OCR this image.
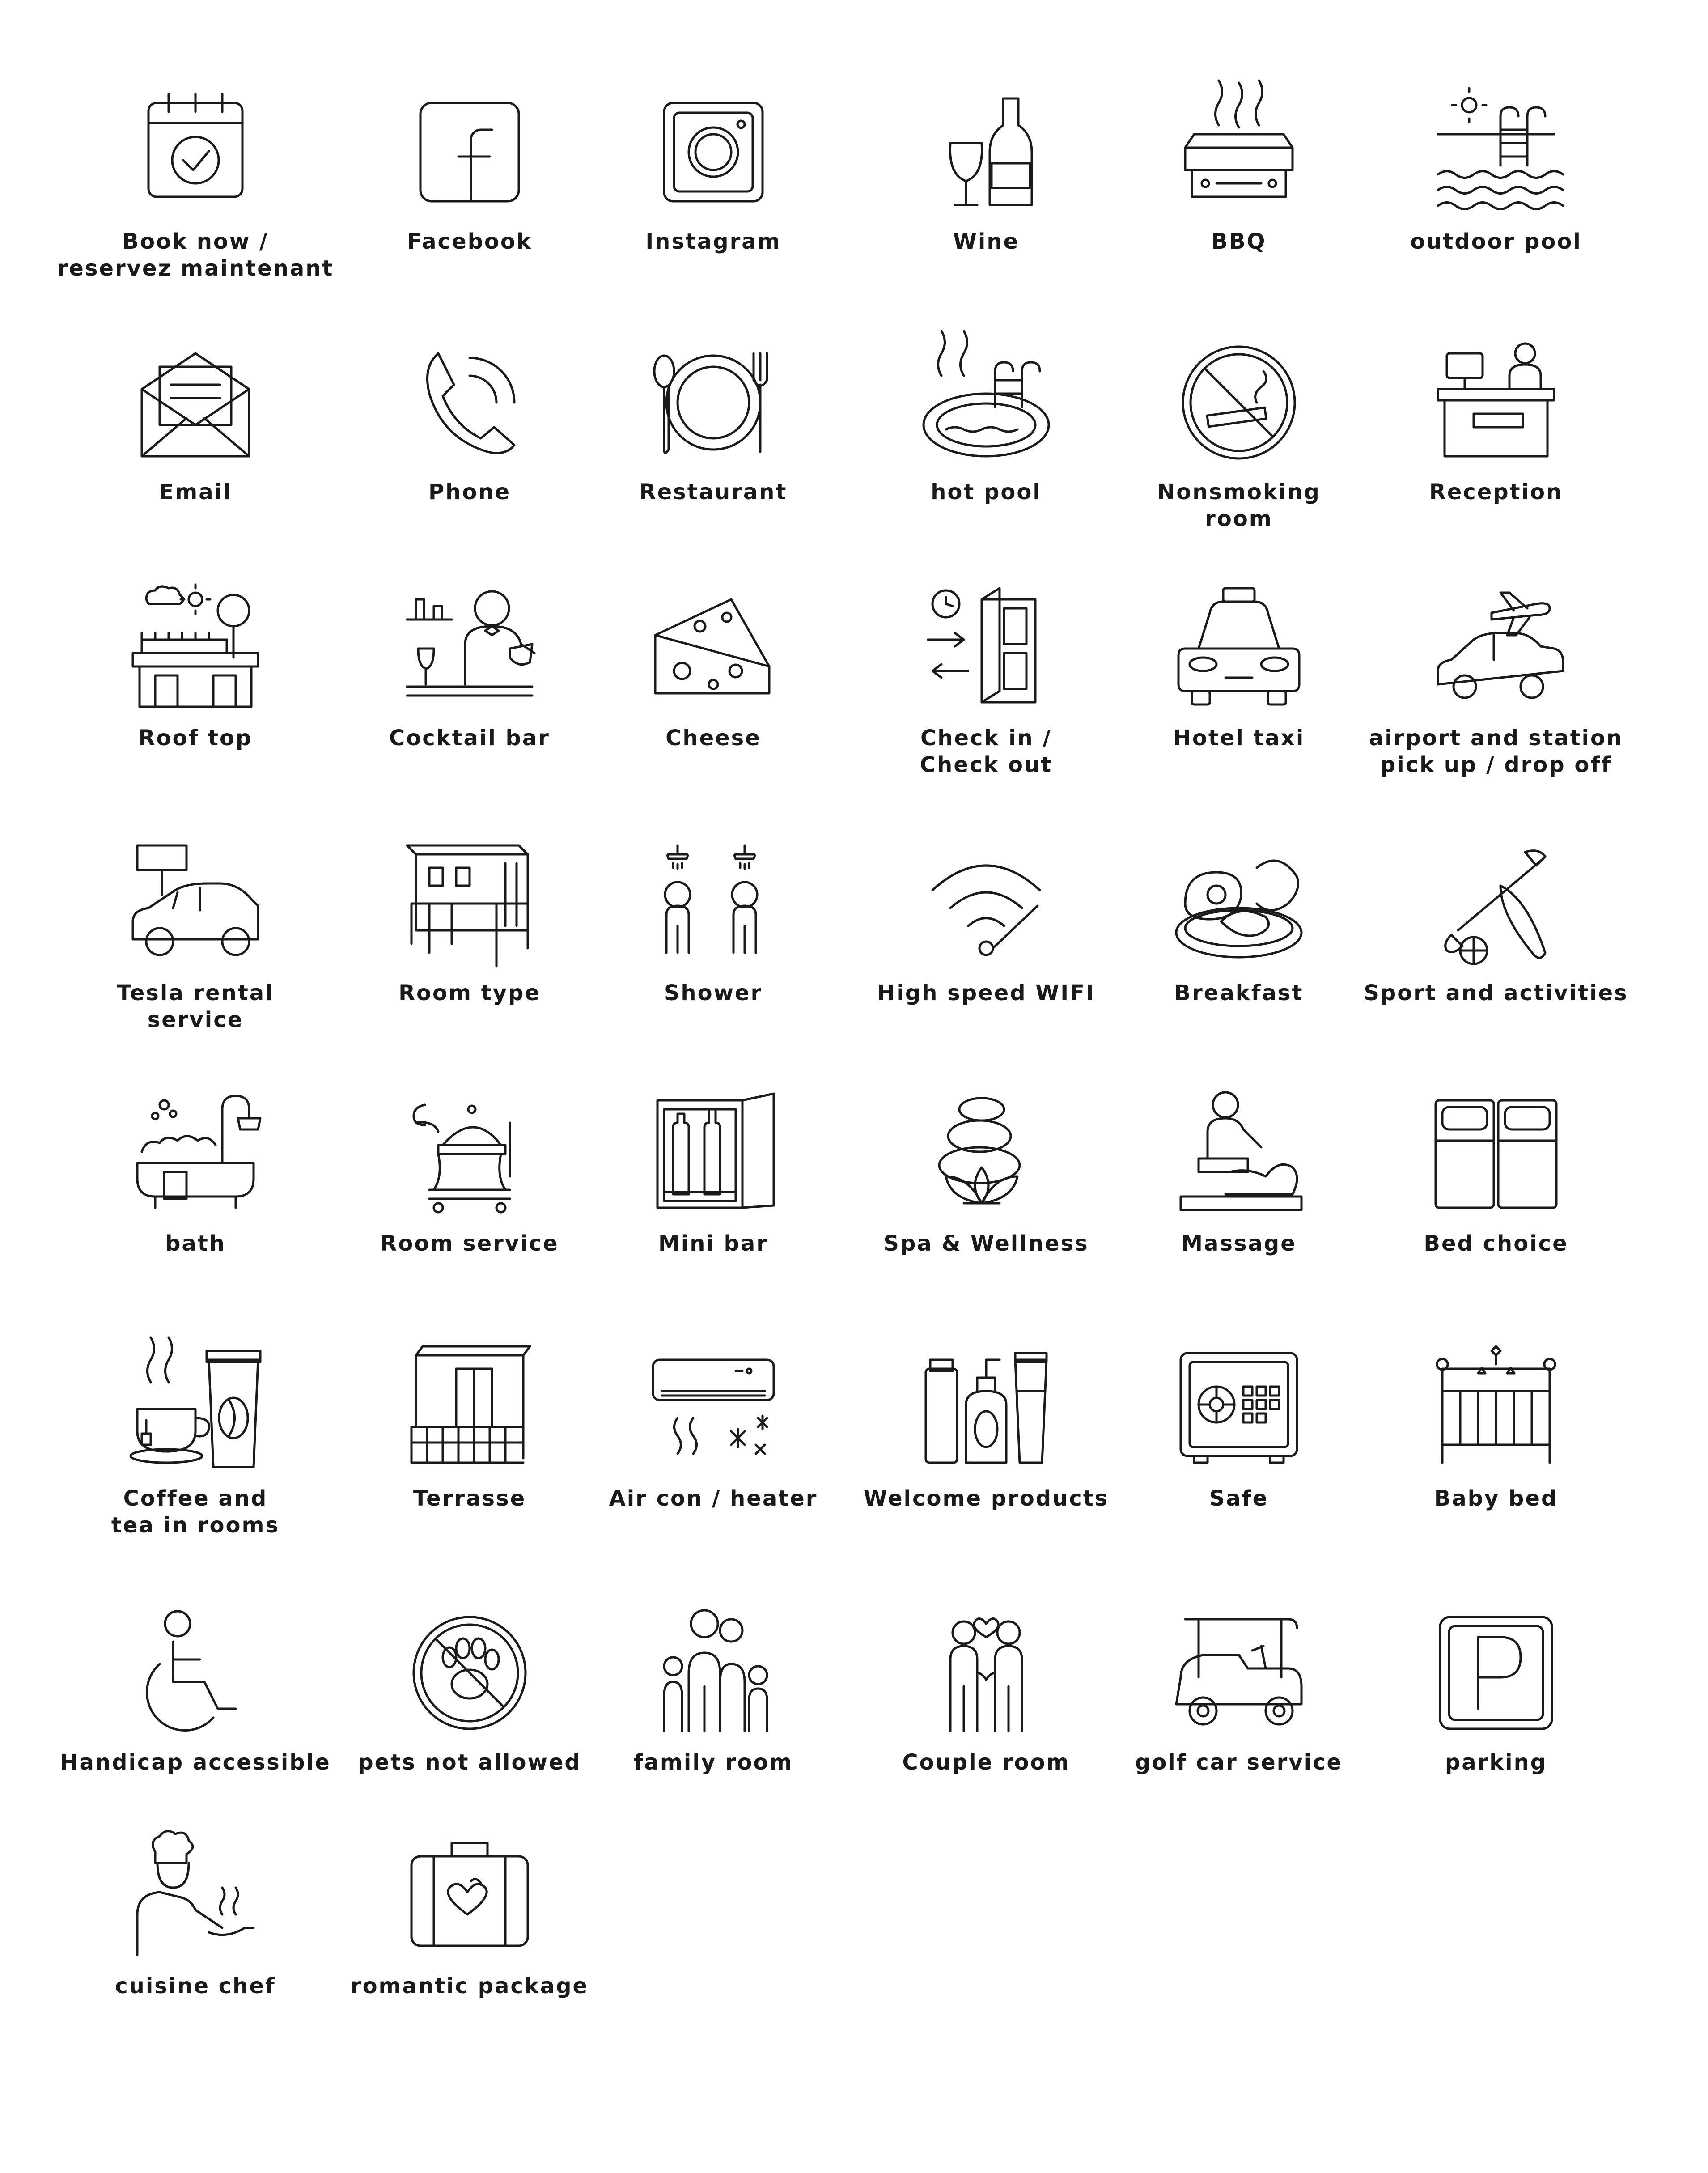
Book now /
reservez maintenant
Facebook	Instagram	Wine	BBQ	outdoor pool
Email	Phone	Restaurant	hot pool	Nonsmoking
room
Reception
Roof top	Cocktail bar	Cheese	Check in /
Check out
Hotel taxi	airport and station
pick up / drop off
Tesla rental
service
Room type	Shower	High speed WIFI	Breakfast	Sport and activities
bath	Room service	Mini bar	Spa & Wellness	Massage	Bed choice
Coffee and
tea in rooms
Terrasse	Air con / heater	Welcome products	Safe	Baby bed
Handicap accessible	pets not allowed	family room	Couple room	golf car service	parking
cuisine chef	romantic package
